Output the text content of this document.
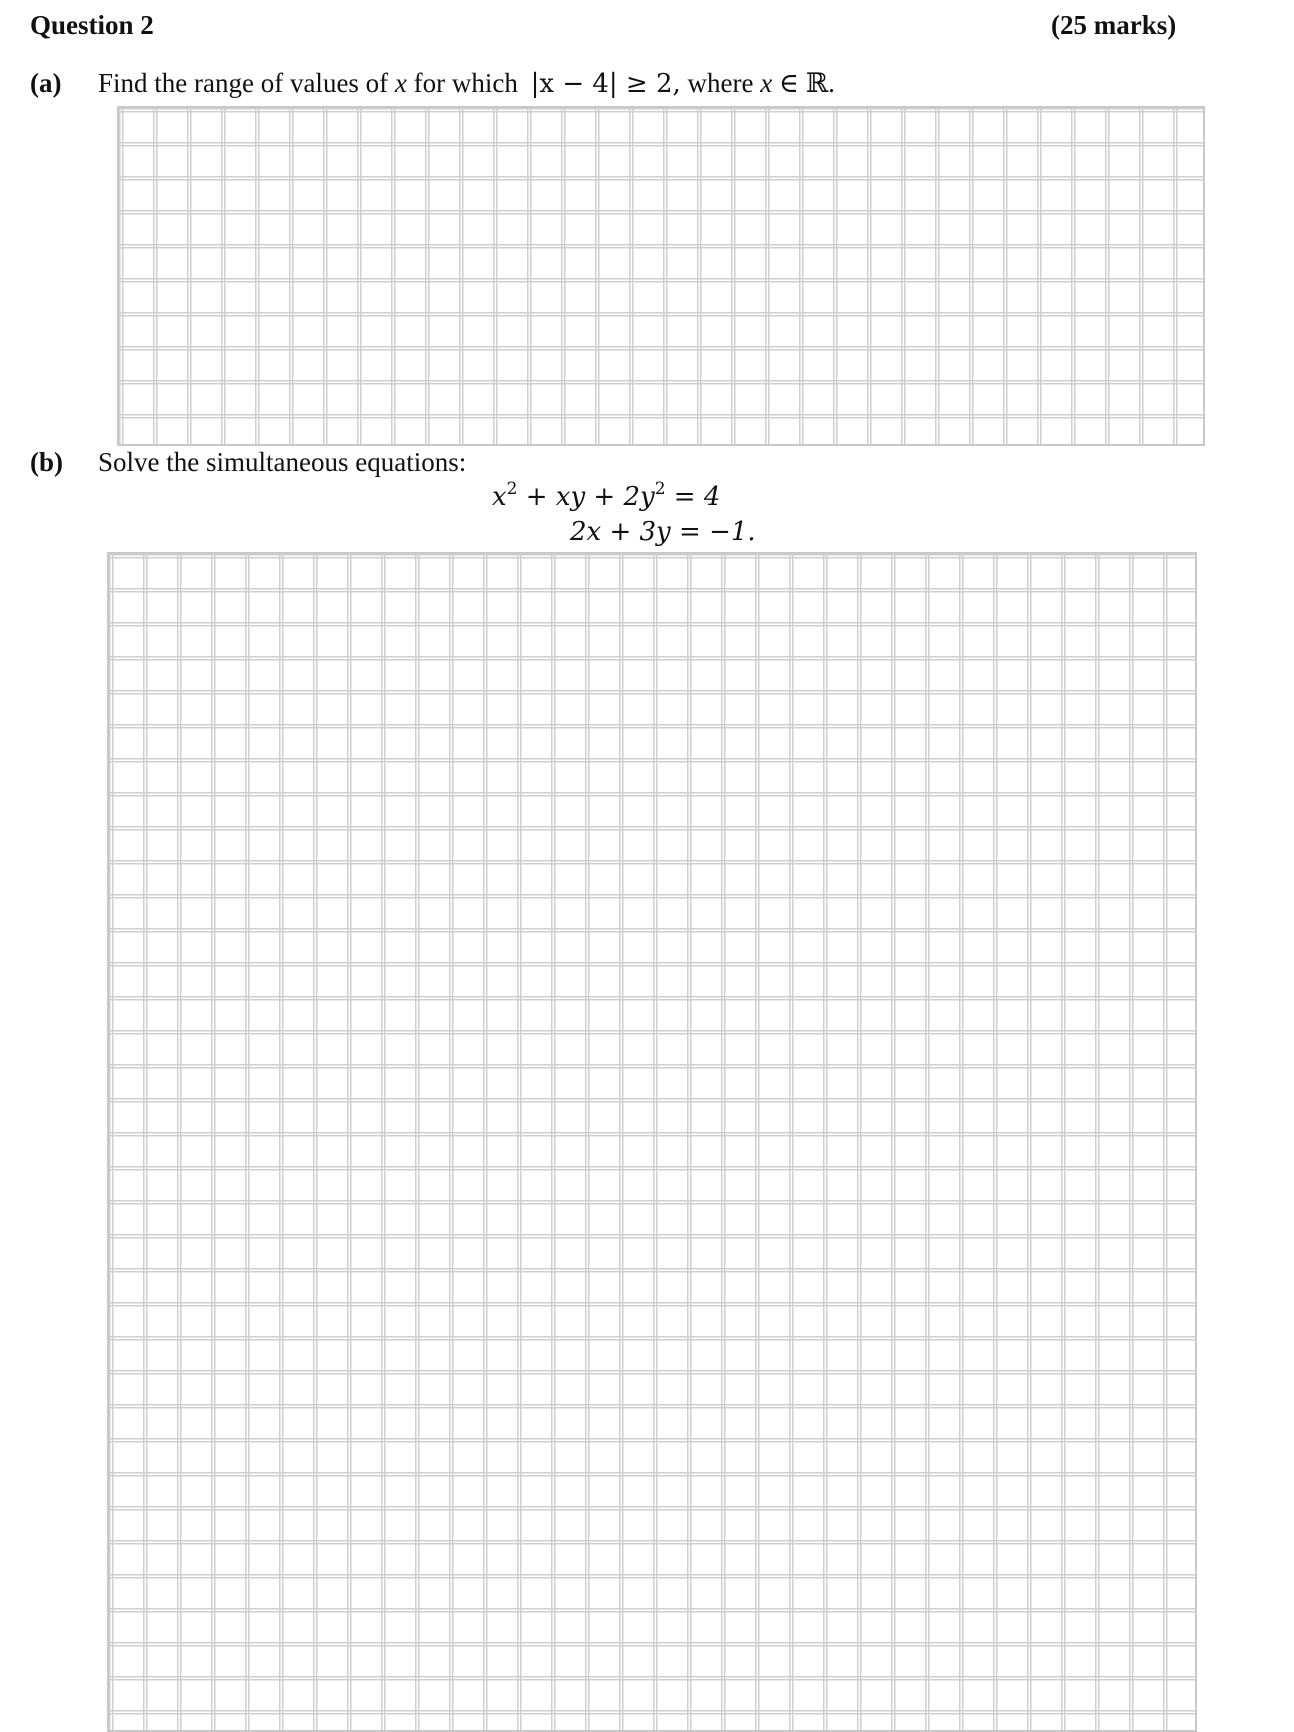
Question 2	(25 marks)
(a) Find the range of values of x for which |x − 4| ≥ 2, where x ∈ ℝ.
(b) Solve the simultaneous equations:
$x^2$ + xy + $2y^2 = 4$
2x + 3y = −1.
